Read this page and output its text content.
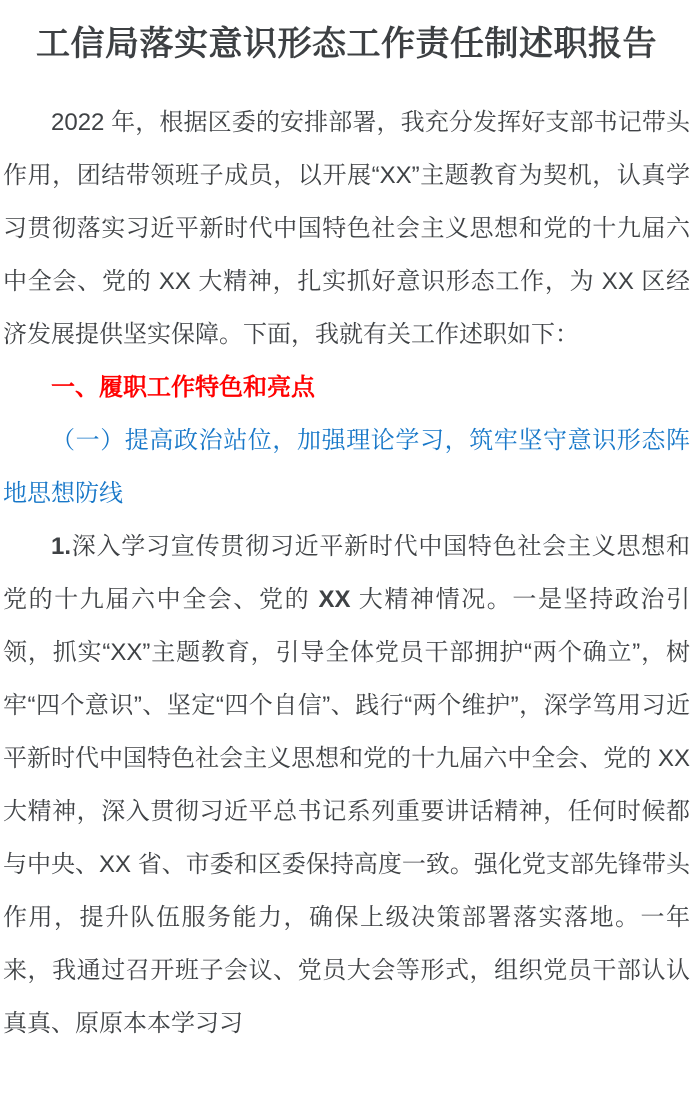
工信局落实意识形态工作责任制述职报告

2022 年，根据区委的安排部署，我充分发挥好支部书记带头作用，团结带领班子成员，以开展“XX”主题教育为契机，认真学习贯彻落实习近平新时代中国特色社会主义思想和党的十九届六中全会、党的 XX 大精神，扎实抓好意识形态工作，为 XX 区经济发展提供坚实保障。下面，我就有关工作述职如下：

一、履职工作特色和亮点

（一）提高政治站位，加强理论学习，筑牢坚守意识形态阵地思想防线

1.深入学习宣传贯彻习近平新时代中国特色社会主义思想和党的十九届六中全会、党的 XX 大精神情况。一是坚持政治引领，抓实“XX”主题教育，引导全体党员干部拥护“两个确立”，树牢“四个意识”、坚定“四个自信”、践行“两个维护”，深学笃用习近平新时代中国特色社会主义思想和党的十九届六中全会、党的 XX 大精神，深入贯彻习近平总书记系列重要讲话精神，任何时候都与中央、XX 省、市委和区委保持高度一致。强化党支部先锋带头作用，提升队伍服务能力，确保上级决策部署落实落地。一年来，我通过召开班子会议、党员大会等形式，组织党员干部认认真真、原原本本学习习
